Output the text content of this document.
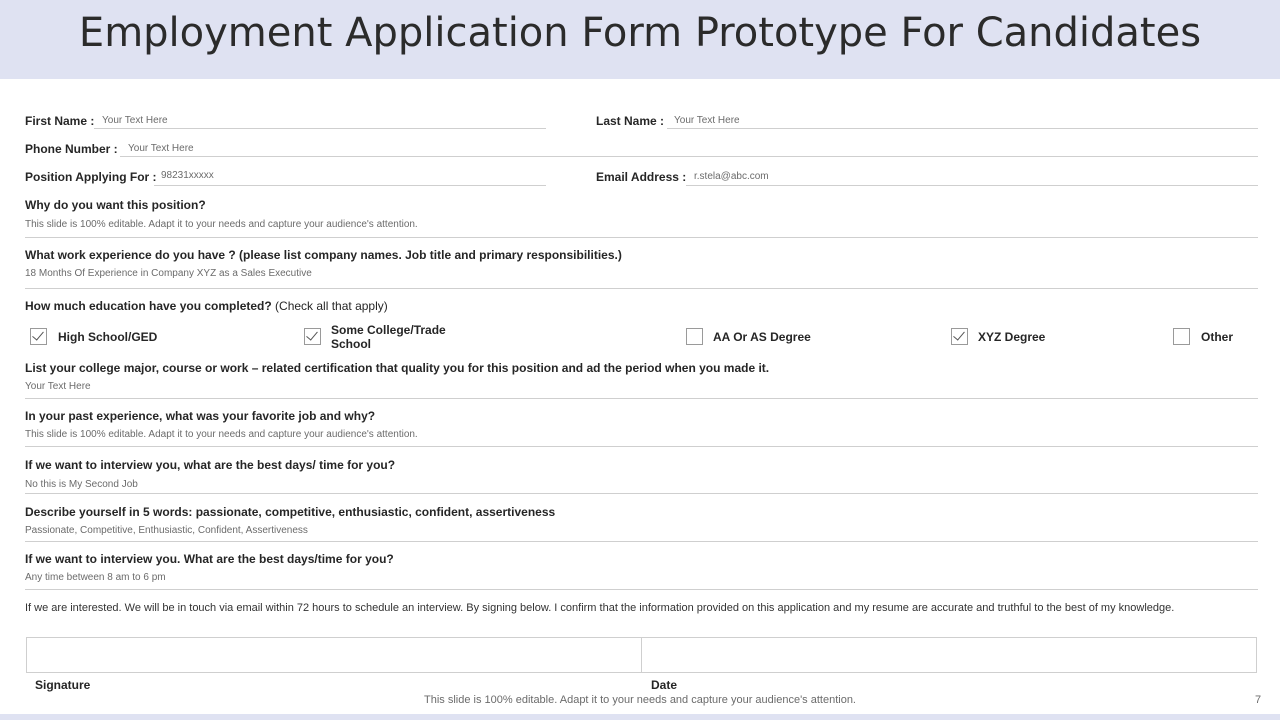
Employment Application Form Prototype For Candidates
First Name : Your Text Here	Last Name : Your Text Here
Phone Number : Your Text Here
Position Applying For : 98231xxxxx	Email Address : r.stela@abc.com
Why do you want this position?
This slide is 100% editable. Adapt it to your needs and capture your audience's attention.
What work experience do you have ? (please list company names. Job title and primary responsibilities.)
18 Months Of Experience in Company XYZ as a Sales Executive
How much education have you completed? (Check all that apply)
High School/GED	Some College/Trade School	AA Or AS Degree	XYZ Degree	Other
List your college major, course or work – related certification that quality you for this position and ad the period when you made it.
Your Text Here
In your past experience, what was your favorite job and why?
This slide is 100% editable. Adapt it to your needs and capture your audience's attention.
If we want to interview you, what are the best days/ time for you?
No this is My Second Job
Describe yourself in 5 words: passionate, competitive, enthusiastic, confident, assertiveness
Passionate, Competitive, Enthusiastic, Confident, Assertiveness
If we want to interview you. What are the best days/time for you?
Any time between 8 am to 6 pm
If we are interested. We will be in touch via email within 72 hours to schedule an interview. By signing below. I confirm that the information provided on this application and my resume are accurate and truthful to the best of my knowledge.
Signature	Date
This slide is 100% editable. Adapt it to your needs and capture your audience's attention.	7
